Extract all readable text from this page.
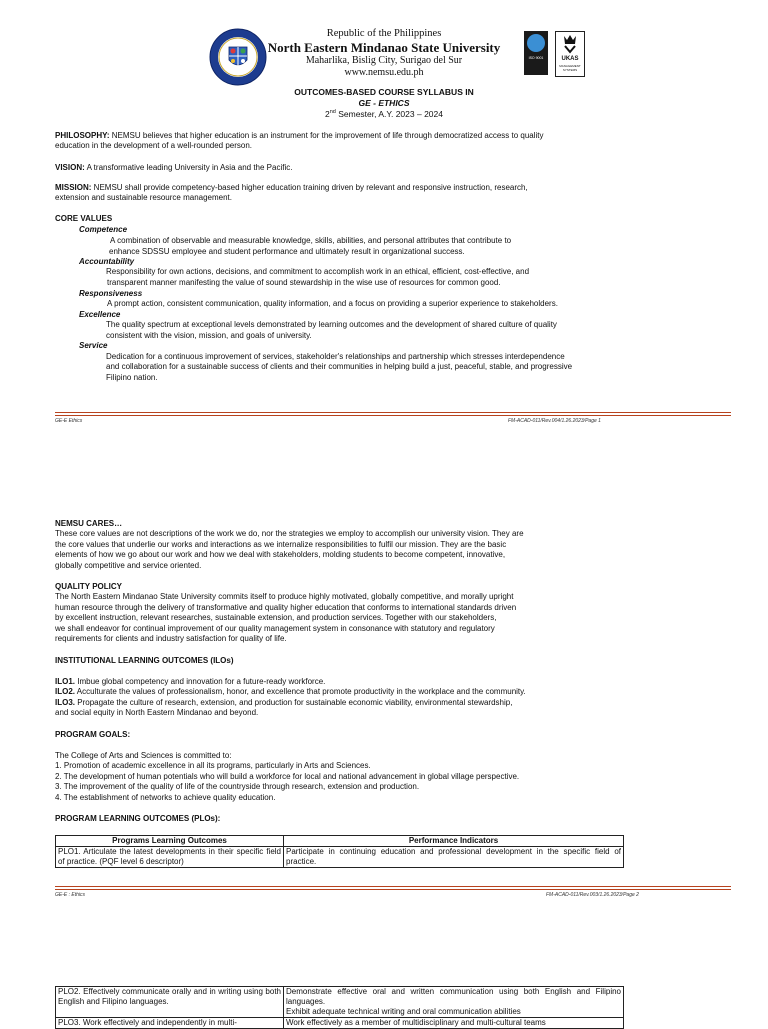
Republic of the Philippines
North Eastern Mindanao State University
Maharlika, Bislig City, Surigao del Sur
www.nemsu.edu.ph
ISO 9001	UKAS
MANAGEMENT SYSTEMS
OUTCOMES-BASED COURSE SYLLABUS IN
GE - ETHICS
2nd Semester, A.Y. 2023 – 2024
PHILOSOPHY: NEMSU believes that higher education is an instrument for the improvement of life through democratized access to quality
education in the development of a well-rounded person.
VISION: A transformative leading University in Asia and the Pacific.
MISSION: NEMSU shall provide competency-based higher education training driven by relevant and responsive instruction, research,
extension and sustainable resource management.
CORE VALUES
Competence
A combination of observable and measurable knowledge, skills, abilities, and personal attributes that contribute to
enhance SDSSU employee and student performance and ultimately result in organizational success.
Accountability
Responsibility for own actions, decisions, and commitment to accomplish work in an ethical, efficient, cost-effective, and
transparent manner manifesting the value of sound stewardship in the wise use of resources for common good.
Responsiveness
A prompt action, consistent communication, quality information, and a focus on providing a superior experience to stakeholders.
Excellence
The quality spectrum at exceptional levels demonstrated by learning outcomes and the development of shared culture of quality
consistent with the vision, mission, and goals of university.
Service
Dedication for a continuous improvement of services, stakeholder's relationships and partnership which stresses interdependence
and collaboration for a sustainable success of clients and their communities in helping build a just, peaceful, stable, and progressive
Filipino nation.
GE-E Ethics	FM-ACAD-011/Rev.004/1.26.2023/Page 1
NEMSU CARES…
These core values are not descriptions of the work we do, nor the strategies we employ to accomplish our university vision. They are
the core values that underlie our works and interactions as we internalize responsibilities to fulfil our mission. They are the basic
elements of how we go about our work and how we deal with stakeholders, molding students to become competent, innovative,
globally competitive and service oriented.
QUALITY POLICY
The North Eastern Mindanao State University commits itself to produce highly motivated, globally competitive, and morally upright
human resource through the delivery of transformative and quality higher education that conforms to international standards driven
by excellent instruction, relevant researches, sustainable extension, and production services. Together with our stakeholders,
we shall endeavor for continual improvement of our quality management system in consonance with statutory and regulatory
requirements for clients and industry satisfaction for quality of life.
INSTITUTIONAL LEARNING OUTCOMES (ILOs)
ILO1. Imbue global competency and innovation for a future-ready workforce.
ILO2. Acculturate the values of professionalism, honor, and excellence that promote productivity in the workplace and the community.
ILO3. Propagate the culture of research, extension, and production for sustainable economic viability, environmental stewardship,
and social equity in North Eastern Mindanao and beyond.
PROGRAM GOALS:
The College of Arts and Sciences is committed to:
1. Promotion of academic excellence in all its programs, particularly in Arts and Sciences.
2. The development of human potentials who will build a workforce for local and national advancement in global village perspective.
3. The improvement of the quality of life of the countryside through research, extension and production.
4. The establishment of networks to achieve quality education.
PROGRAM LEARNING OUTCOMES (PLOs):
Programs Learning Outcomes	Performance Indicators
PLO1. Articulate the latest developments in their specific field of practice. (PQF level 6 descriptor)	Participate in continuing education and professional development in the specific field of practice.
GE-E : Ethics	FM-ACAD-011/Rev.003/1.26.2023/Page 2
PLO2. Effectively communicate orally and in writing using both English and Filipino languages.	Demonstrate effective oral and written communication using both English and Filipino languages.
Exhibit adequate technical writing and oral communication abilities

PLO3. Work effectively and independently in multi-	Work effectively as a member of multidisciplinary and multi-cultural teams
